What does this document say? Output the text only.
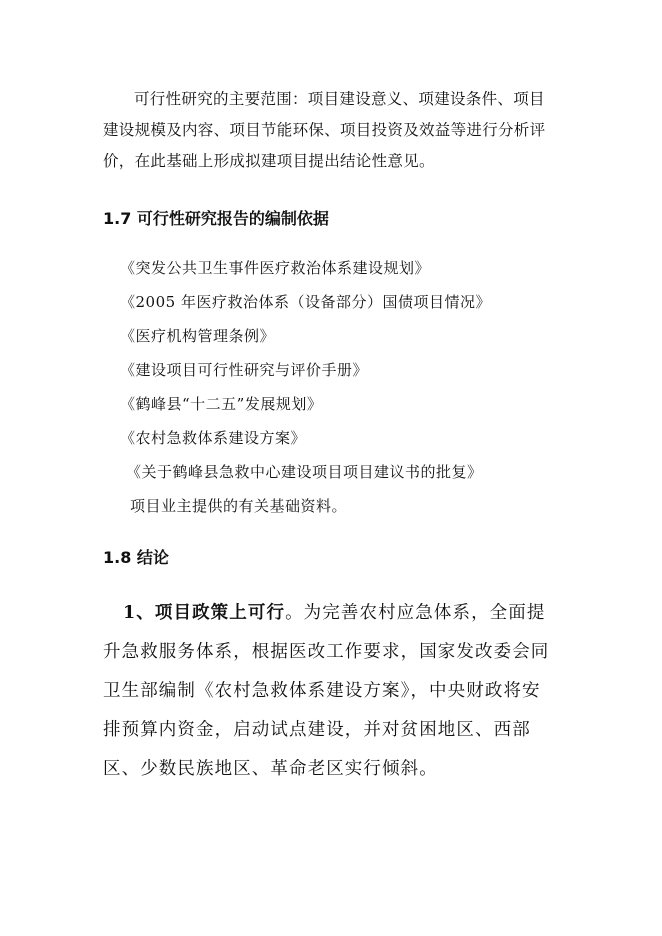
可行性研究的主要范围：项目建设意义、项建设条件、项目建设规模及内容、项目节能环保、项目投资及效益等进行分析评价，在此基础上形成拟建项目提出结论性意见。

1.7 可行性研究报告的编制依据
《突发公共卫生事件医疗救治体系建设规划》
《2005 年医疗救治体系（设备部分）国债项目情况》
《医疗机构管理条例》
《建设项目可行性研究与评价手册》
《鹤峰县“十二五”发展规划》
《农村急救体系建设方案》
《关于鹤峰县急救中心建设项目项目建议书的批复》
项目业主提供的有关基础资料。
1.8 结论

1、项目政策上可行。为完善农村应急体系，全面提升急救服务体系，根据医改工作要求，国家发改委会同卫生部编制《农村急救体系建设方案》，中央财政将安排预算内资金，启动试点建设，并对贫困地区、西部区、少数民族地区、革命老区实行倾斜。
